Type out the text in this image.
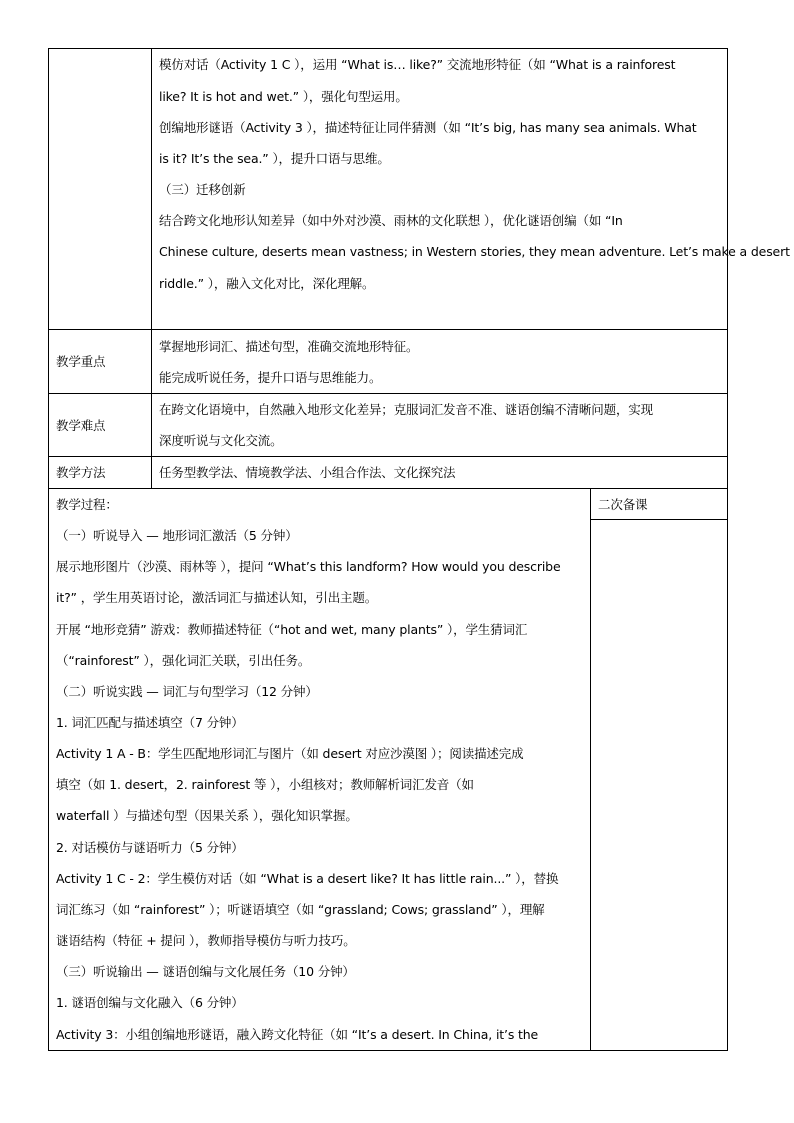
模仿对话（Activity 1 C ），运用 “What is… like?” 交流地形特征（如 “What is a rainforest
like? It is hot and wet.” ），强化句型运用。
创编地形谜语（Activity 3 ），描述特征让同伴猜测（如 “It’s big, has many sea animals. What
is it? It’s the sea.” ），提升口语与思维。
（三）迁移创新
结合跨文化地形认知差异（如中外对沙漠、雨林的文化联想 ），优化谜语创编（如 “In
Chinese culture, deserts mean vastness; in Western stories, they mean adventure. Let’s make a desert
riddle.” ），融入文化对比，深化理解。
教学重点
掌握地形词汇、描述句型，准确交流地形特征。
能完成听说任务，提升口语与思维能力。
教学难点
在跨文化语境中，自然融入地形文化差异；克服词汇发音不准、谜语创编不清晰问题，实现
深度听说与文化交流。
教学方法	任务型教学法、情境教学法、小组合作法、文化探究法
二次备课
教学过程：
（一）听说导入 — 地形词汇激活（5 分钟）
展示地形图片（沙漠、雨林等 ），提问 “What’s this landform? How would you describe
it?” ，学生用英语讨论，激活词汇与描述认知，引出主题。
开展 “地形竞猜” 游戏：教师描述特征（“hot and wet, many plants” ），学生猜词汇
（“rainforest” ），强化词汇关联，引出任务。
（二）听说实践 — 词汇与句型学习（12 分钟）
1. 词汇匹配与描述填空（7 分钟）
Activity 1 A - B：学生匹配地形词汇与图片（如 desert 对应沙漠图 ）；阅读描述完成
填空（如 1. desert，2. rainforest 等 ），小组核对；教师解析词汇发音（如
waterfall ）与描述句型（因果关系 ），强化知识掌握。
2. 对话模仿与谜语听力（5 分钟）
Activity 1 C - 2：学生模仿对话（如 “What is a desert like? It has little rain...” ），替换
词汇练习（如 “rainforest” ）；听谜语填空（如 “grassland; Cows; grassland” ），理解
谜语结构（特征 + 提问 ），教师指导模仿与听力技巧。
（三）听说输出 — 谜语创编与文化展任务（10 分钟）
1. 谜语创编与文化融入（6 分钟）
Activity 3：小组创编地形谜语，融入跨文化特征（如 “It’s a desert. In China, it’s the
